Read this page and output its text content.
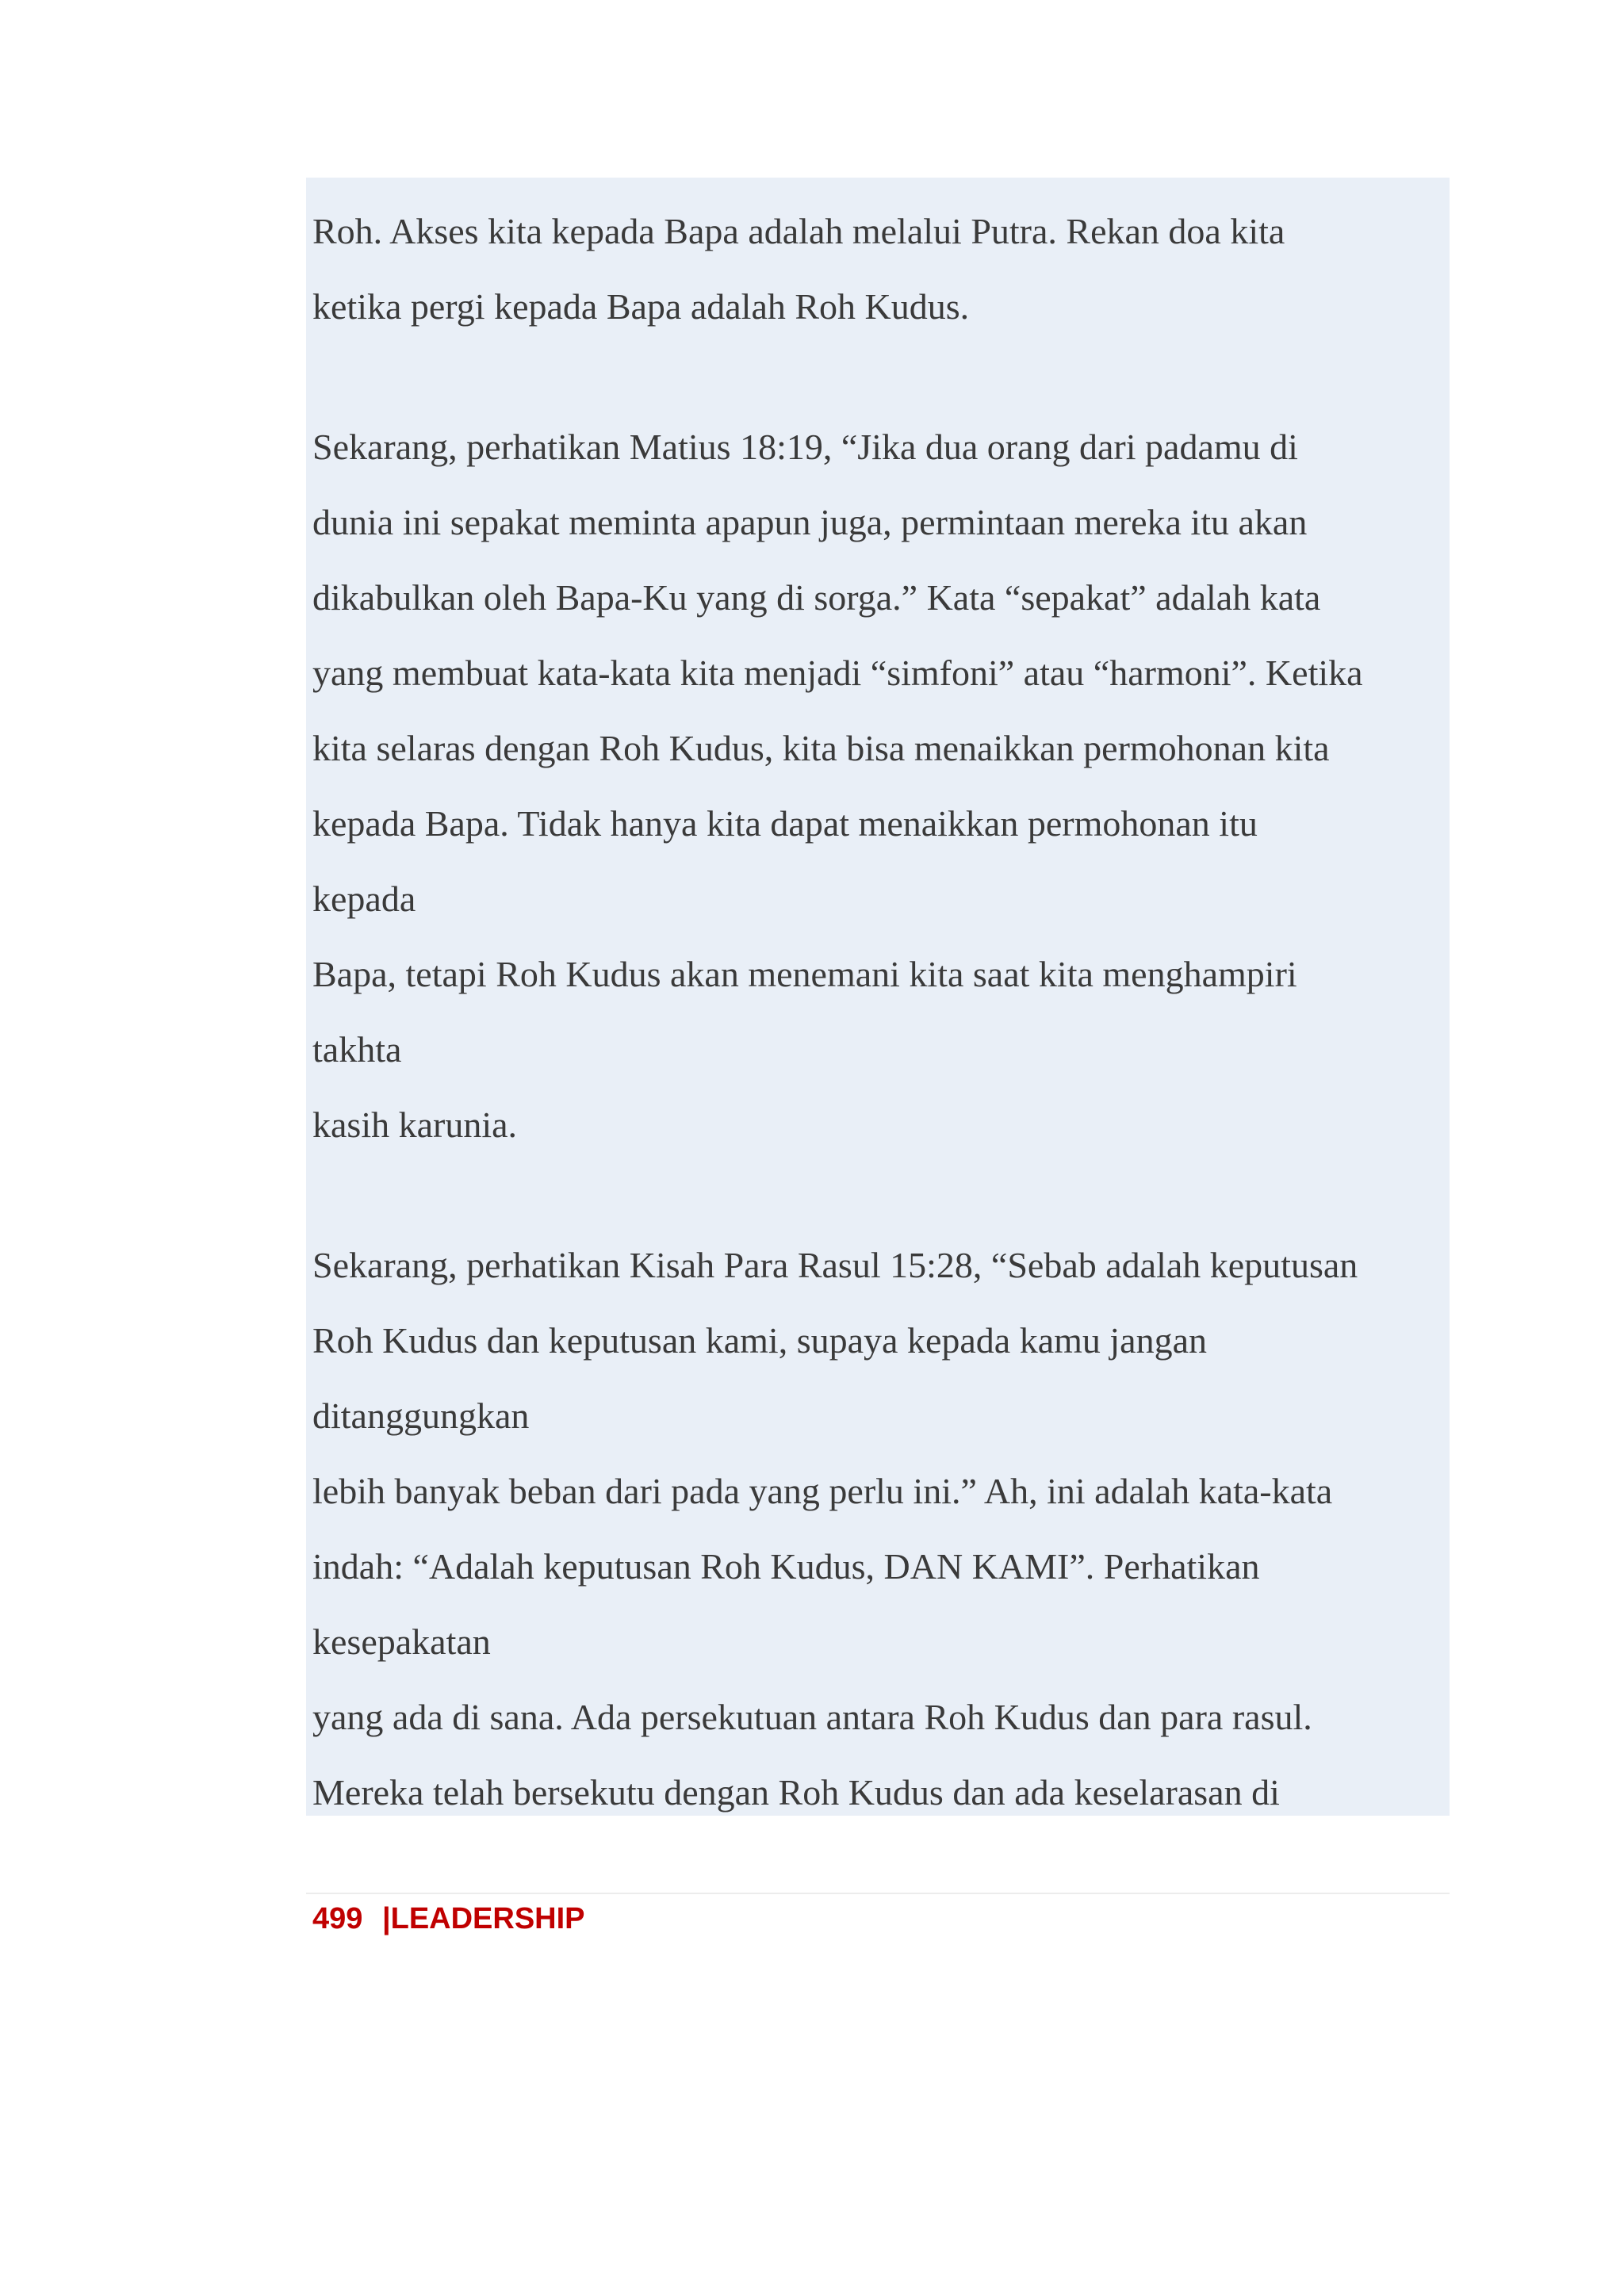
Roh. Akses kita kepada Bapa adalah melalui Putra. Rekan doa kita
ketika pergi kepada Bapa adalah Roh Kudus.
Sekarang, perhatikan Matius 18:19, “Jika dua orang dari padamu di
dunia ini sepakat meminta apapun juga, permintaan mereka itu akan
dikabulkan oleh Bapa-Ku yang di sorga.” Kata “sepakat” adalah kata
yang membuat kata-kata kita menjadi “simfoni” atau “harmoni”. Ketika
kita selaras dengan Roh Kudus, kita bisa menaikkan permohonan kita
kepada Bapa. Tidak hanya kita dapat menaikkan permohonan itu
kepada
Bapa, tetapi Roh Kudus akan menemani kita saat kita menghampiri
takhta
kasih karunia.
Sekarang, perhatikan Kisah Para Rasul 15:28, “Sebab adalah keputusan
Roh Kudus dan keputusan kami, supaya kepada kamu jangan
ditanggungkan
lebih banyak beban dari pada yang perlu ini.” Ah, ini adalah kata-kata
indah: “Adalah keputusan Roh Kudus, DAN KAMI”. Perhatikan
kesepakatan
yang ada di sana. Ada persekutuan antara Roh Kudus dan para rasul.
Mereka telah bersekutu dengan Roh Kudus dan ada keselarasan di
499 |LEADERSHIP
